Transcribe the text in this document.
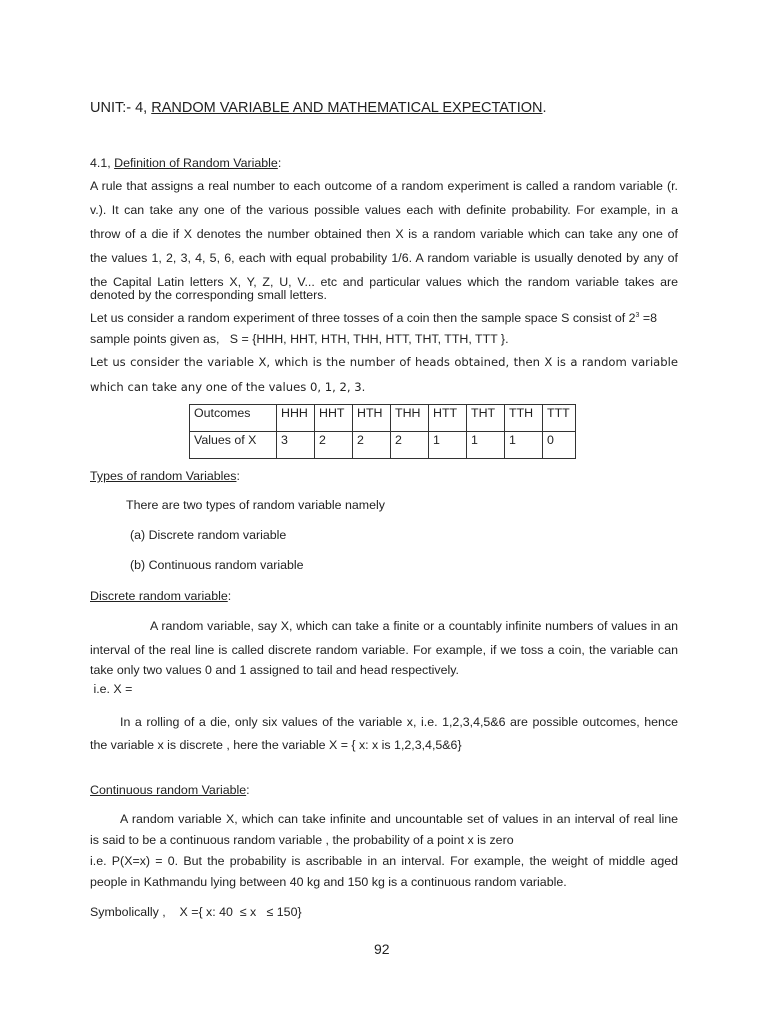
UNIT:- 4, RANDOM VARIABLE AND MATHEMATICAL EXPECTATION.
4.1, Definition of Random Variable:
A rule that assigns a real number to each outcome of a random experiment is called a random variable (r.
v.). It can take any one of the various possible values each with definite probability. For example, in a
throw of a die if X denotes the number obtained then X is a random variable which can take any one of
the values 1, 2, 3, 4, 5, 6, each with equal probability 1/6. A random variable is usually denoted by any of
the Capital Latin letters X, Y, Z, U, V... etc and particular values which the random variable takes are
denoted by the corresponding small letters.
Let us consider a random experiment of three tosses of a coin then the sample space S consist of $2^3 =8$
sample points given as,   S = {HHH, HHT, HTH, THH, HTT, THT, TTH, TTT }.
Let us consider the variable X, which is the number of heads obtained, then X is a random variable
which can take any one of the values 0, 1, 2, 3.
Outcomes	HHH	HHT	HTH	THH	HTT	THT	TTH	TTT
Values of X	3	2	2	2	1	1	1	0
Types of random Variables:
There are two types of random variable namely
(a) Discrete random variable
(b) Continuous random variable
Discrete random variable:
A random variable, say X, which can take a finite or a countably infinite numbers of values in an
interval of the real line is called discrete random variable. For example, if we toss a coin, the variable can
take only two values 0 and 1 assigned to tail and head respectively.
i.e. X =
In a rolling of a die, only six values of the variable x, i.e. 1,2,3,4,5&6 are possible outcomes, hence
the variable x is discrete , here the variable X = { x: x is 1,2,3,4,5&6}
Continuous random Variable:
A random variable X, which can take infinite and uncountable set of values in an interval of real line
is said to be a continuous random variable , the probability of a point x is zero
i.e. P(X=x) = 0. But the probability is ascribable in an interval. For example, the weight of middle aged
people in Kathmandu lying between 40 kg and 150 kg is a continuous random variable.
Symbolically ,    X ={ x: 40  ≤ x   ≤ 150}
92
